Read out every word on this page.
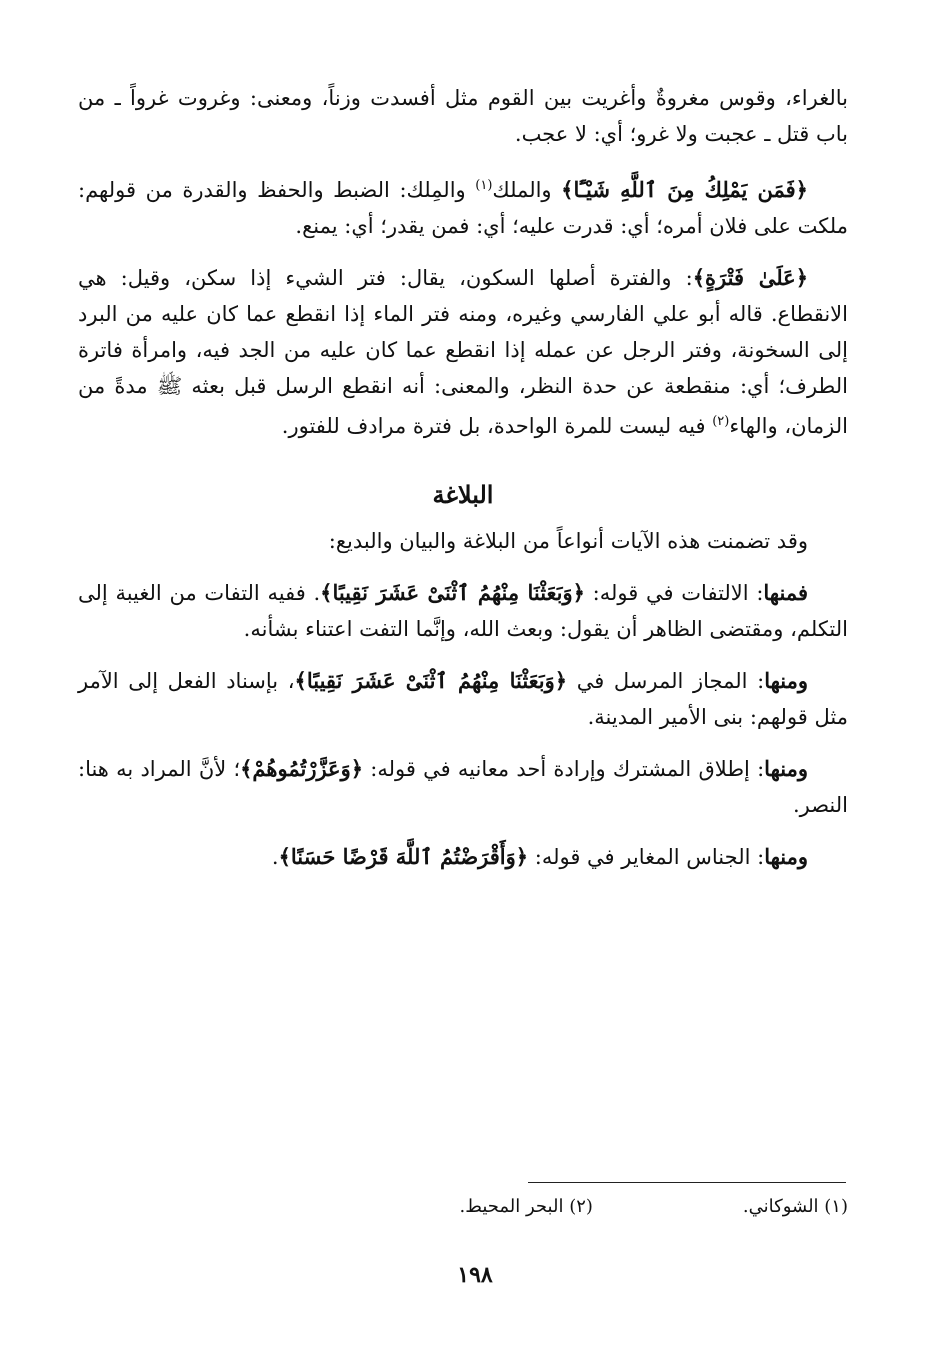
بالغراء، وقوس مغروةٌ وأغريت بين القوم مثل أفسدت وزناً، ومعنى: وغروت غرواً ـ من باب قتل ـ عجبت ولا غرو؛ أي: لا عجب.

﴿فَمَن يَمْلِكُ مِنَ ٱللَّهِ شَيْـًٔا﴾ والملك$^{(١)}$ والمِلك: الضبط والحفظ والقدرة من قولهم: ملكت على فلان أمره؛ أي: قدرت عليه؛ أي: فمن يقدر؛ أي: يمنع.

﴿عَلَىٰ فَتْرَةٍ﴾: والفترة أصلها السكون، يقال: فتر الشيء إذا سكن، وقيل: هي الانقطاع. قاله أبو علي الفارسي وغيره، ومنه فتر الماء إذا انقطع عما كان عليه من البرد إلى السخونة، وفتر الرجل عن عمله إذا انقطع عما كان عليه من الجد فيه، وامرأة فاترة الطرف؛ أي: منقطعة عن حدة النظر، والمعنى: أنه انقطع الرسل قبل بعثه ﷺ مدةً من الزمان، والهاء$^{(٢)}$ فيه ليست للمرة الواحدة، بل فترة مرادف للفتور.

البلاغة

وقد تضمنت هذه الآيات أنواعاً من البلاغة والبيان والبديع:

فمنها: الالتفات في قوله: ﴿وَبَعَثْنَا مِنْهُمُ ٱثْنَىْ عَشَرَ نَقِيبًا﴾. ففيه التفات من الغيبة إلى التكلم، ومقتضى الظاهر أن يقول: وبعث الله، وإنَّما التفت اعتناء بشأنه.

ومنها: المجاز المرسل في ﴿وَبَعَثْنَا مِنْهُمُ ٱثْنَىْ عَشَرَ نَقِيبًا﴾، بإسناد الفعل إلى الآمر مثل قولهم: بنى الأمير المدينة.

ومنها: إطلاق المشترك وإرادة أحد معانيه في قوله: ﴿وَعَزَّرْتُمُوهُمْ﴾؛ لأنَّ المراد به هنا: النصر.

ومنها: الجناس المغاير في قوله: ﴿وَأَقْرَضْتُمُ ٱللَّهَ قَرْضًا حَسَنًا﴾.

(١) الشوكاني.
(٢) البحر المحيط.
١٩٨
